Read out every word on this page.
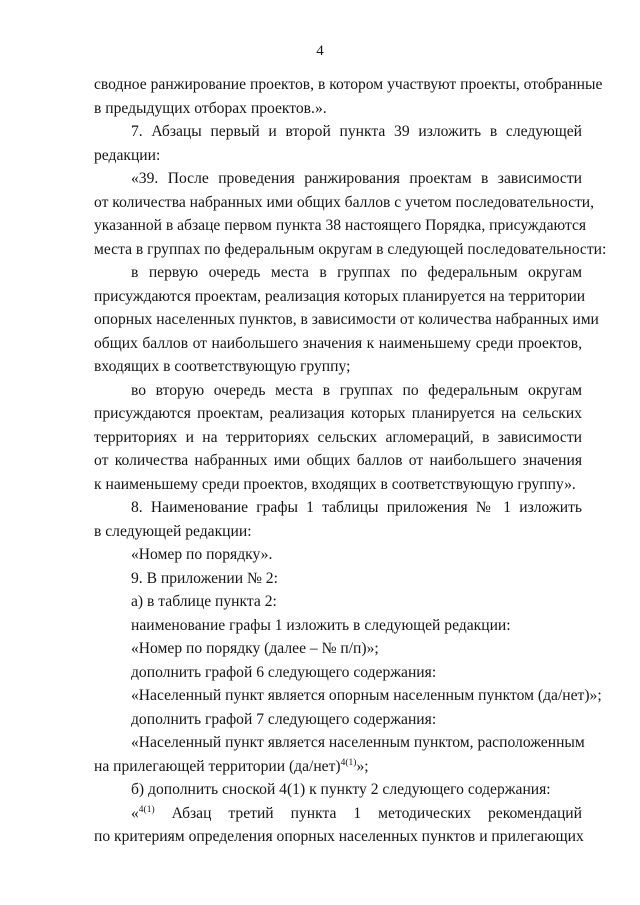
4
сводное ранжирование проектов, в котором участвуют проекты, отобранные
в предыдущих отборах проектов.».
7. Абзацы первый и второй пункта 39 изложить в следующей
редакции:
«39. После проведения ранжирования проектам в зависимости
от количества набранных ими общих баллов с учетом последовательности,
указанной в абзаце первом пункта 38 настоящего Порядка, присуждаются
места в группах по федеральным округам в следующей последовательности:
в первую очередь места в группах по федеральным округам
присуждаются проектам, реализация которых планируется на территории
опорных населенных пунктов, в зависимости от количества набранных ими
общих баллов от наибольшего значения к наименьшему среди проектов,
входящих в соответствующую группу;
во вторую очередь места в группах по федеральным округам
присуждаются проектам, реализация которых планируется на сельских
территориях и на территориях сельских агломераций, в зависимости
от количества набранных ими общих баллов от наибольшего значения
к наименьшему среди проектов, входящих в соответствующую группу».
8. Наименование графы 1 таблицы приложения № 1 изложить
в следующей редакции:
«Номер по порядку».
9. В приложении № 2:
а) в таблице пункта 2:
наименование графы 1 изложить в следующей редакции:
«Номер по порядку (далее – № п/п)»;
дополнить графой 6 следующего содержания:
«Населенный пункт является опорным населенным пунктом (да/нет)»;
дополнить графой 7 следующего содержания:
«Населенный пункт является населенным пунктом, расположенным
на прилегающей территории $(да/нет)^{4(1)}$»;
б) дополнить сноской 4(1) к пункту 2 следующего содержания:
«$^{4(1)}$ Абзац третий пункта 1 методических рекомендаций
по критериям определения опорных населенных пунктов и прилегающих
